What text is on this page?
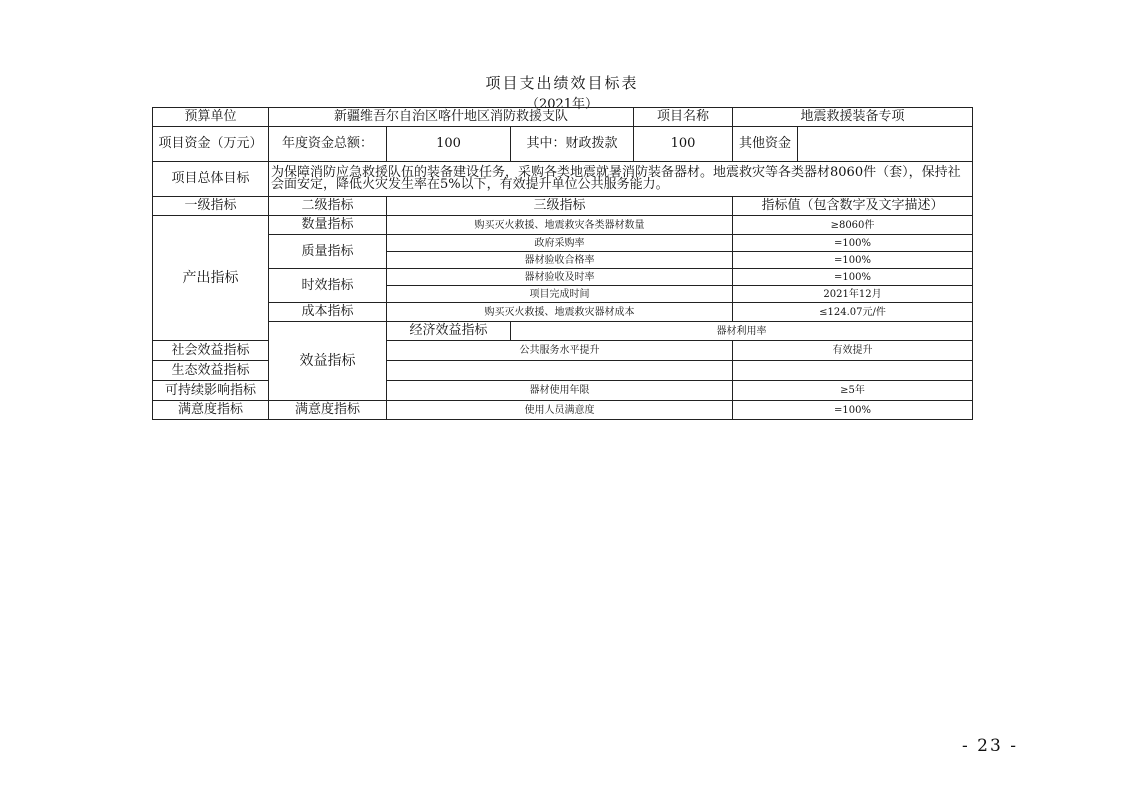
项目支出绩效目标表
（2021年）
预算单位	新疆维吾尔自治区喀什地区消防救援支队			项目名称	地震救援装备专项	
项目资金（万元）	年度资金总额：	100	其中：财政拨款	100	其他资金	

项目总体目标	为保障消防应急救援队伍的装备建设任务，采购各类地震就暑消防装备器材。地震救灾等各类器材8060件（套），保持社会面安定，降低火灾发生率在5%以下，有效提升单位公共服务能力。					
一级指标	二级指标	三级指标			指标值（包含数字及文字描述）	
产出指标	数量指标	购买灭火救援、地震救灾各类器材数量			≥8060件	
	质量指标	政府采购率			=100%	
		器材验收合格率			=100%	
	时效指标	器材验收及时率			=100%	
		项目完成时间			2021年12月	
	成本指标	购买灭火救援、地震救灾器材成本			≤124.07元/件	
	效益指标	经济效益指标	器材利用率	
社会效益指标		公共服务水平提升			有效提升	
生态效益指标						
可持续影响指标		器材使用年限			≥5年	
满意度指标	满意度指标	使用人员满意度			=100%	
- 23 -
